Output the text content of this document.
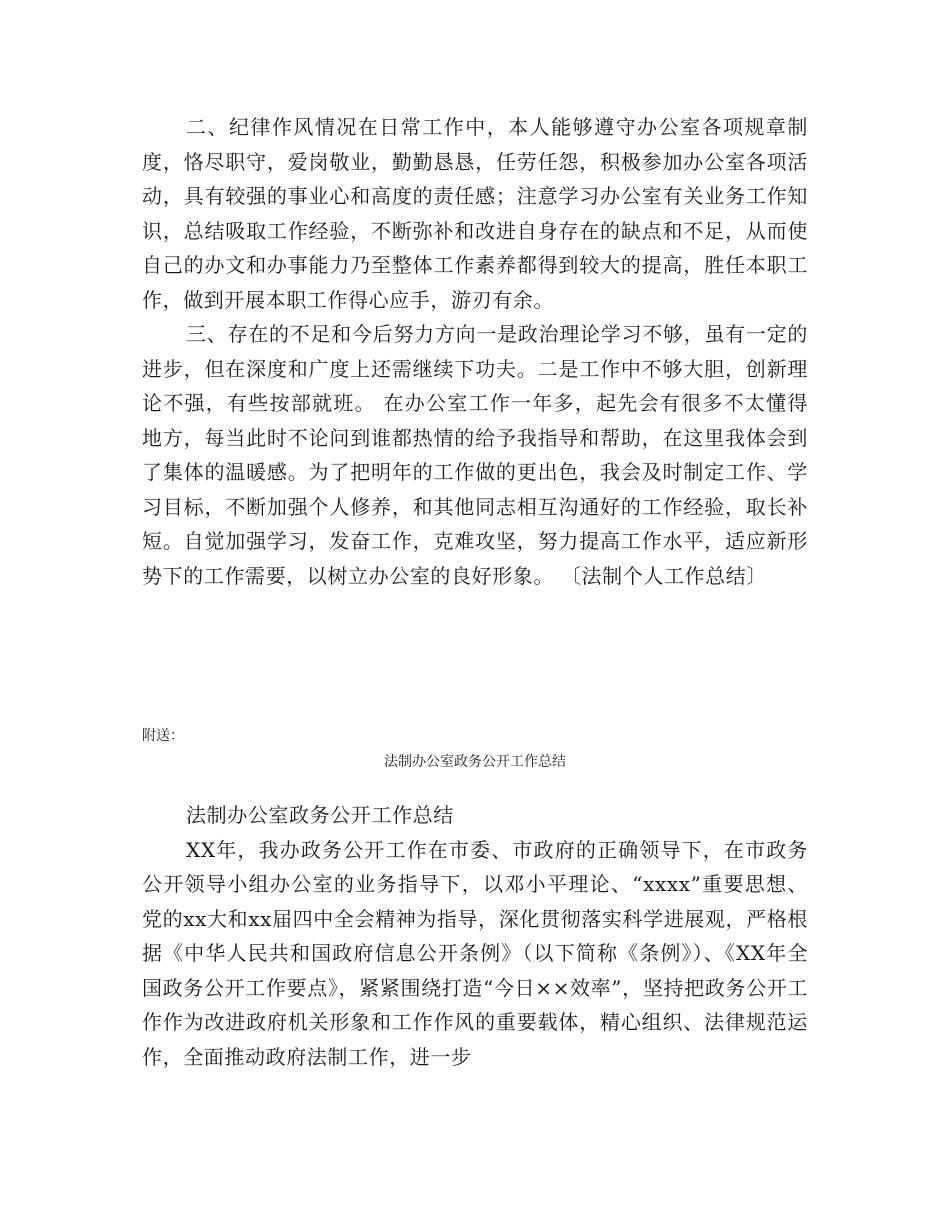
二、纪律作风情况在日常工作中，本人能够遵守办公室各项规章制度，恪尽职守，爱岗敬业，勤勤恳恳，任劳任怨，积极参加办公室各项活动，具有较强的事业心和高度的责任感；注意学习办公室有关业务工作知识，总结吸取工作经验，不断弥补和改进自身存在的缺点和不足，从而使自己的办文和办事能力乃至整体工作素养都得到较大的提高，胜任本职工作，做到开展本职工作得心应手，游刃有余。

三、存在的不足和今后努力方向一是政治理论学习不够，虽有一定的进步，但在深度和广度上还需继续下功夫。二是工作中不够大胆，创新理论不强，有些按部就班。 在办公室工作一年多，起先会有很多不太懂得地方，每当此时不论问到谁都热情的给予我指导和帮助，在这里我体会到了集体的温暖感。为了把明年的工作做的更出色，我会及时制定工作、学习目标，不断加强个人修养，和其他同志相互沟通好的工作经验，取长补短。自觉加强学习，发奋工作，克难攻坚，努力提高工作水平，适应新形势下的工作需要，以树立办公室的良好形象。 〔法制个人工作总结〕

附送：

法制办公室政务公开工作总结

法制办公室政务公开工作总结

XX年，我办政务公开工作在市委、市政府的正确领导下，在市政务公开领导小组办公室的业务指导下，以邓小平理论、“xxxx”重要思想、党的xx大和xx届四中全会精神为指导，深化贯彻落实科学进展观，严格根据《中华人民共和国政府信息公开条例》（以下简称《条例》）、《XX年全国政务公开工作要点》，紧紧围绕打造“今日××效率”，坚持把政务公开工作作为改进政府机关形象和工作作风的重要载体，精心组织、法律规范运作，全面推动政府法制工作，进一步
